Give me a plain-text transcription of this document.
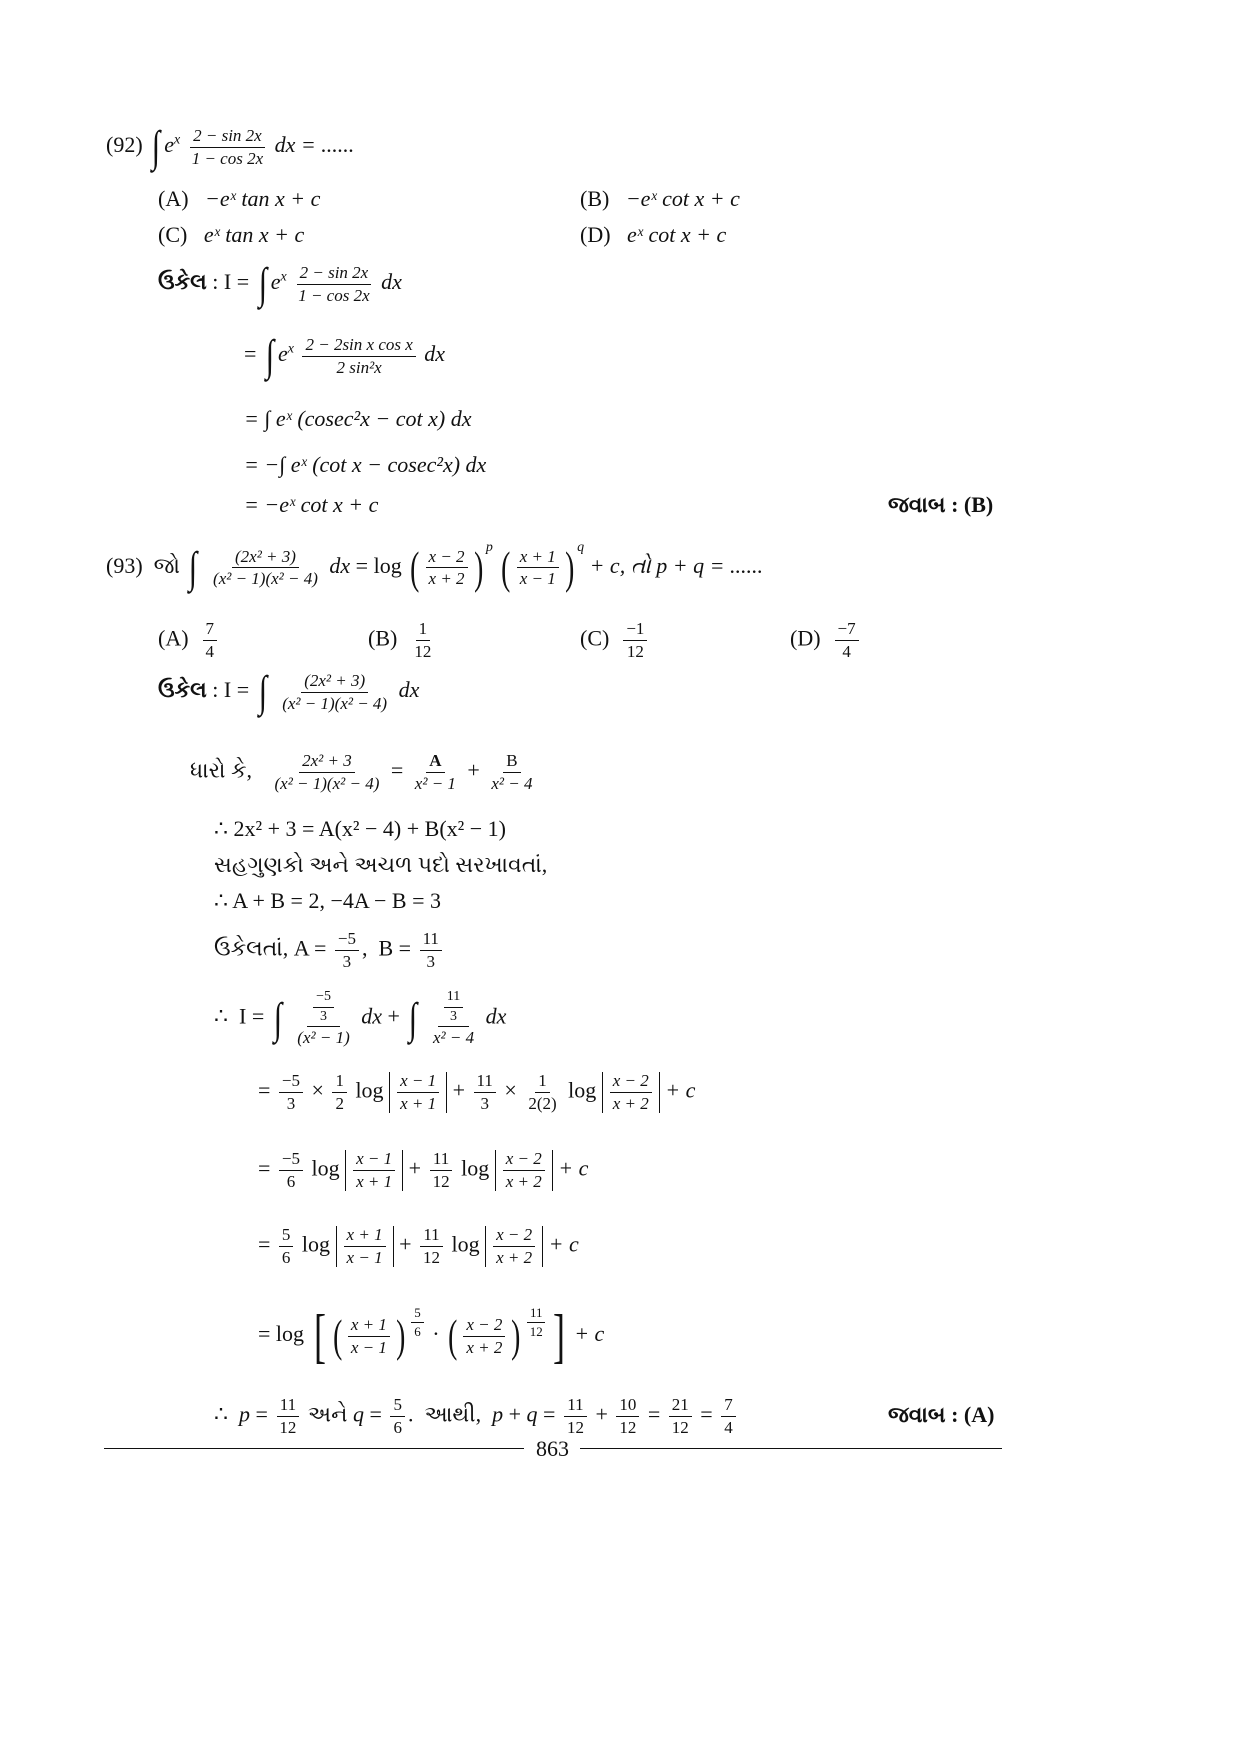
(92) ∫ $e^x \frac{2 - \sin 2x}{1 - \cos 2x}$ dx = ......
(A) −eˣ tan x + c	(B) −eˣ cot x + c
(C) eˣ tan x + c	(D) eˣ cot x + c
ઉકેલ : I = ∫ $e^x \frac{2 - \sin 2x}{1 - \cos 2x}$ dx
= ∫ $e^x \frac{\text{2 − 2sin x cos x}}{\text{2 sin²x}}$ dx
= ∫ eˣ (cosec²x − cot x) dx
= −∫ eˣ (cot x − cosec²x) dx
= −eˣ cot x + c	જવાબ : (B)
(93) જો ∫ $\frac{\text{(2x² + 3)}}{\text{(x² − 1)(x² − 4)}}$ dx = log ( $\frac{x - 2}{x + 2}$ ) $^p$ ( $\frac{x + 1}{x - 1}$ ) $^q$ + c, તો p + q = ......
$(A) \frac{7}{4}$	$(B) \frac{1}{12}$	$(C) \frac{-1}{12}$	$(D) \frac{-7}{4}$
ઉકેલ : I = ∫ $\frac{\text{(2x² + 3)}}{\text{(x² − 1)(x² − 4)}}$ dx
ધારો કે, $\frac{\text{2x² + 3}}{\text{(x² − 1)(x² − 4)}} = \frac{A}{\text{x² − 1}} + \frac{B}{\text{x² − 4}}$
∴ 2x² + 3 = A(x² − 4) + B(x² − 1)
સહગુણકો અને અચળ પદો સરખાવતાં,
∴ A + B = 2, −4A − B = 3
ઉકેલતાં, $A = \frac{-5}{3}$ ,  $B = \frac{11}{3}$
∴  I = ∫ $\frac{\frac{-5}{3}}{\text{(x² − 1)}}$ dx + ∫ $\frac{\frac{11}{3}}{\text{x² − 4}}$ dx
= $\frac{-5}{3} \times \frac{1}{2}$ $\log \frac{x - 1}{x + 1} + \frac{11}{3} \times \frac{1}{2(2)}$ $\log \frac{x - 2}{x + 2} + c$
= $\frac{-5}{6}$ $\log \frac{x - 1}{x + 1} + \frac{11}{12}$ $\log \frac{x - 2}{x + 2} + c$
= $\frac{5}{6}$ $\log \frac{x + 1}{x - 1} + \frac{11}{12}$ $\log \frac{x - 2}{x + 2} + c$
= log [ ( $\frac{x + 1}{x - 1}$ ) $\frac{5}{6}$ · ( $\frac{x - 2}{x + 2}$ ) $\frac{11}{12}$ ] + c
∴  $p = \frac{11}{12}$ અને $q = \frac{5}{6}$ .  આથી, $p + q = \frac{11}{12} + \frac{10}{12} = \frac{21}{12} = \frac{7}{4}$	જવાબ : (A)
863
